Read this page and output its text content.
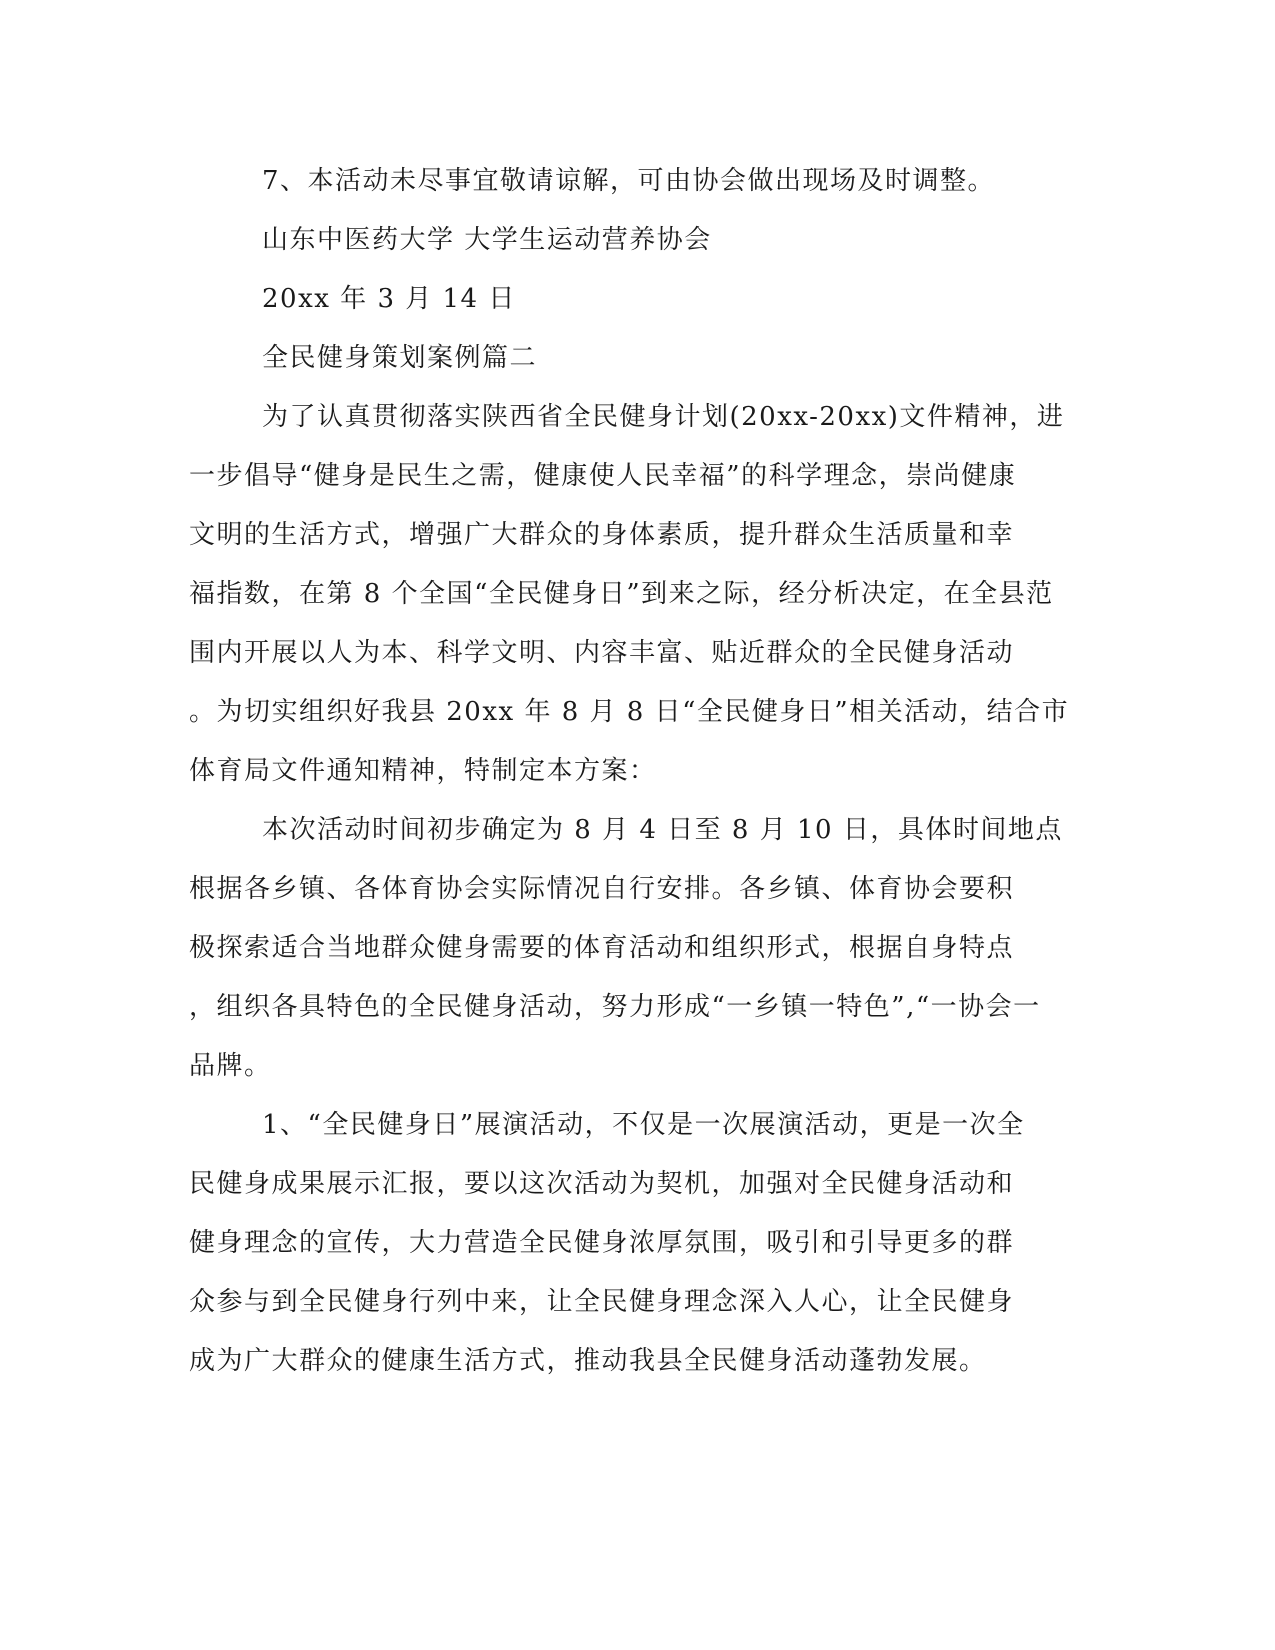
7、本活动未尽事宜敬请谅解，可由协会做出现场及时调整。
山东中医药大学 大学生运动营养协会
20xx 年 3 月 14 日
全民健身策划案例篇二
为了认真贯彻落实陕西省全民健身计划(20xx-20xx)文件精神，进
一步倡导“健身是民生之需，健康使人民幸福”的科学理念，崇尚健康
文明的生活方式，增强广大群众的身体素质，提升群众生活质量和幸
福指数，在第 8 个全国“全民健身日”到来之际，经分析决定，在全县范
围内开展以人为本、科学文明、内容丰富、贴近群众的全民健身活动
。为切实组织好我县 20xx 年 8 月 8 日“全民健身日”相关活动，结合市
体育局文件通知精神，特制定本方案：
本次活动时间初步确定为 8 月 4 日至 8 月 10 日，具体时间地点
根据各乡镇、各体育协会实际情况自行安排。各乡镇、体育协会要积
极探索适合当地群众健身需要的体育活动和组织形式，根据自身特点
，组织各具特色的全民健身活动，努力形成“一乡镇一特色”,“一协会一
品牌。
1、“全民健身日”展演活动，不仅是一次展演活动，更是一次全
民健身成果展示汇报，要以这次活动为契机，加强对全民健身活动和
健身理念的宣传，大力营造全民健身浓厚氛围，吸引和引导更多的群
众参与到全民健身行列中来，让全民健身理念深入人心，让全民健身
成为广大群众的健康生活方式，推动我县全民健身活动蓬勃发展。
